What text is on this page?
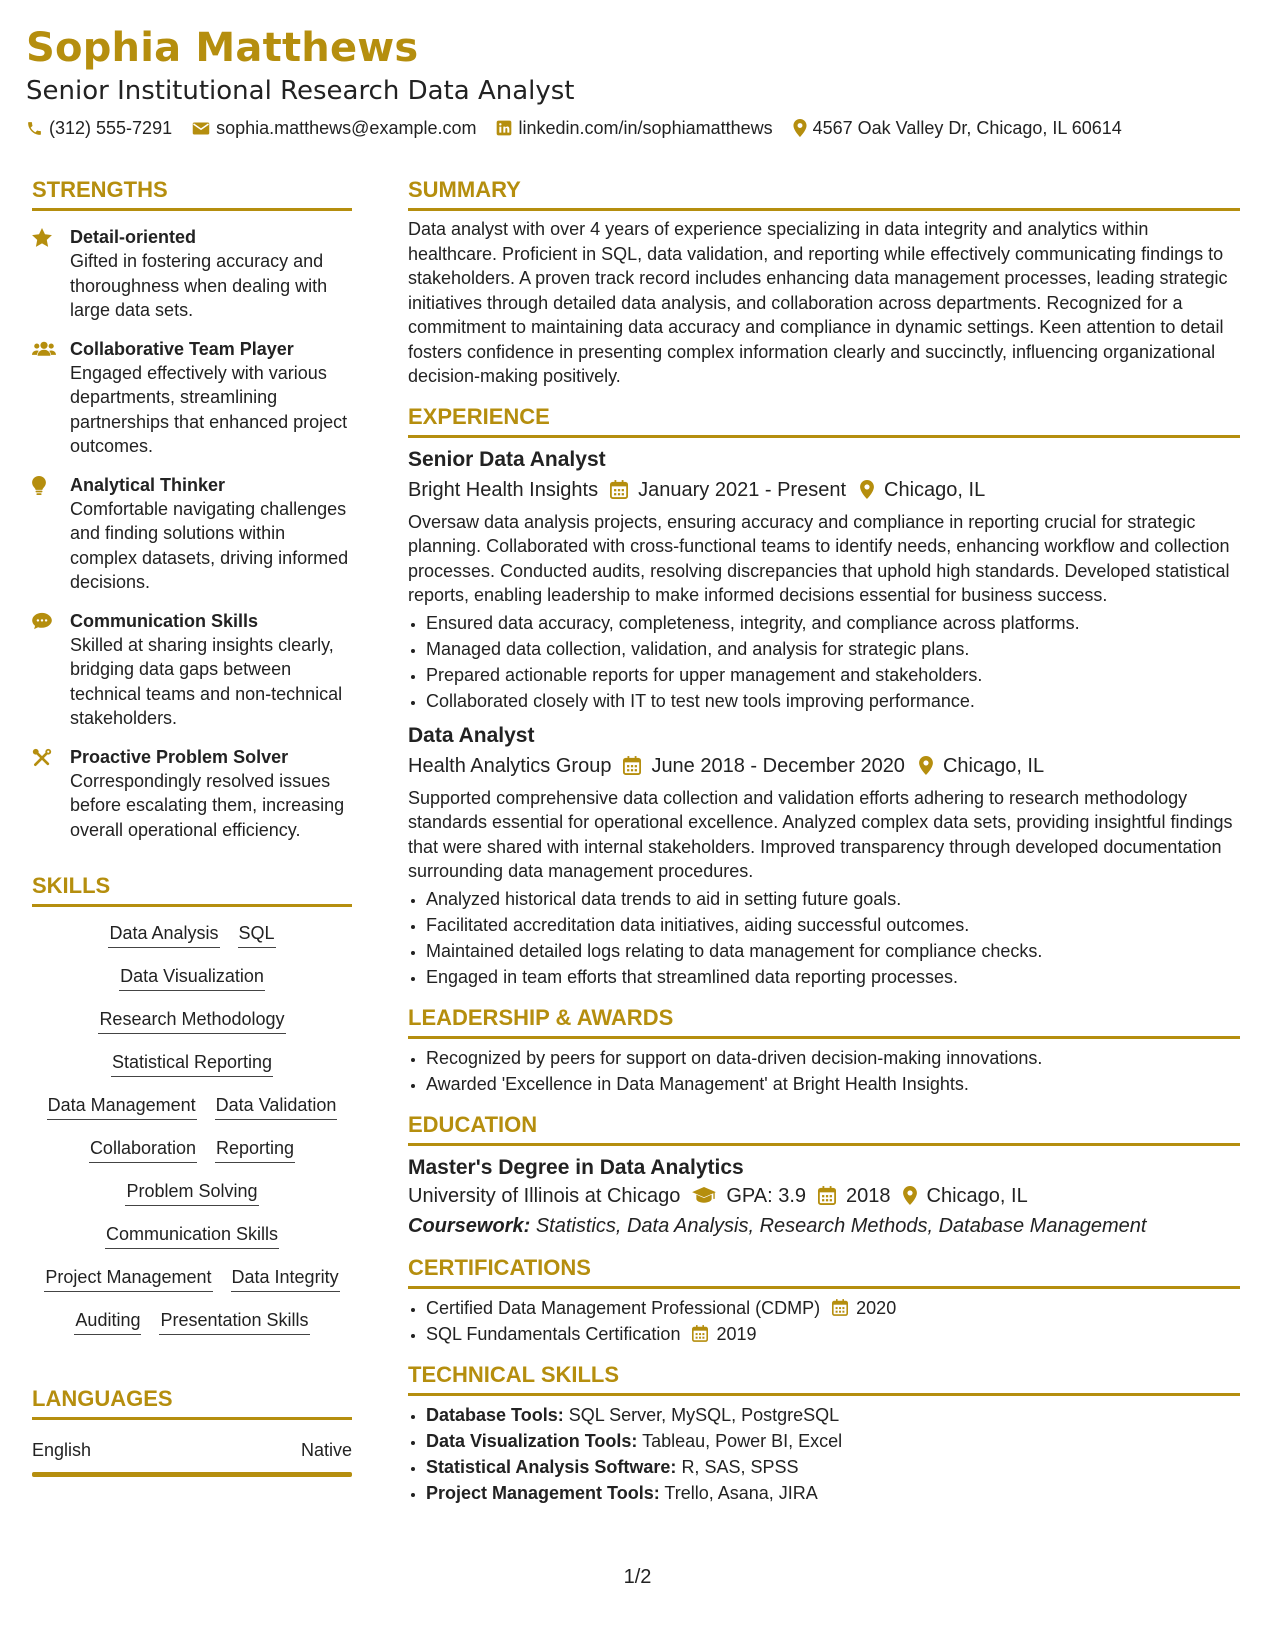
Sophia Matthews
Senior Institutional Research Data Analyst
(312) 555-7291 sophia.matthews@example.com linkedin.com/in/sophiamatthews 4567 Oak Valley Dr, Chicago, IL 60614
STRENGTHS
Detail-oriented
Gifted in fostering accuracy and thoroughness when dealing with large data sets.
Collaborative Team Player
Engaged effectively with various departments, streamlining partnerships that enhanced project outcomes.
Analytical Thinker
Comfortable navigating challenges and finding solutions within complex datasets, driving informed decisions.
Communication Skills
Skilled at sharing insights clearly, bridging data gaps between technical teams and non-technical stakeholders.
Proactive Problem Solver
Correspondingly resolved issues before escalating them, increasing overall operational efficiency.
SKILLS
Data Analysis SQL
Data Visualization
Research Methodology
Statistical Reporting
Data Management Data Validation
Collaboration Reporting
Problem Solving
Communication Skills
Project Management Data Integrity
Auditing Presentation Skills
LANGUAGES
English	Native
SUMMARY
Data analyst with over 4 years of experience specializing in data integrity and analytics within healthcare. Proficient in SQL, data validation, and reporting while effectively communicating findings to stakeholders. A proven track record includes enhancing data management processes, leading strategic initiatives through detailed data analysis, and collaboration across departments. Recognized for a commitment to maintaining data accuracy and compliance in dynamic settings. Keen attention to detail fosters confidence in presenting complex information clearly and succinctly, influencing organizational decision-making positively.
EXPERIENCE
Senior Data Analyst
Bright Health Insights January 2021 - Present Chicago, IL
Oversaw data analysis projects, ensuring accuracy and compliance in reporting crucial for strategic planning. Collaborated with cross-functional teams to identify needs, enhancing workflow and collection processes. Conducted audits, resolving discrepancies that uphold high standards. Developed statistical reports, enabling leadership to make informed decisions essential for business success.
• Ensured data accuracy, completeness, integrity, and compliance across platforms.
• Managed data collection, validation, and analysis for strategic plans.
• Prepared actionable reports for upper management and stakeholders.
• Collaborated closely with IT to test new tools improving performance.
Data Analyst
Health Analytics Group June 2018 - December 2020 Chicago, IL
Supported comprehensive data collection and validation efforts adhering to research methodology standards essential for operational excellence. Analyzed complex data sets, providing insightful findings that were shared with internal stakeholders. Improved transparency through developed documentation surrounding data management procedures.
• Analyzed historical data trends to aid in setting future goals.
• Facilitated accreditation data initiatives, aiding successful outcomes.
• Maintained detailed logs relating to data management for compliance checks.
• Engaged in team efforts that streamlined data reporting processes.
LEADERSHIP & AWARDS
• Recognized by peers for support on data-driven decision-making innovations.
• Awarded 'Excellence in Data Management' at Bright Health Insights.
EDUCATION
Master's Degree in Data Analytics
University of Illinois at Chicago GPA: 3.9 2018 Chicago, IL
Coursework: Statistics, Data Analysis, Research Methods, Database Management
CERTIFICATIONS
• Certified Data Management Professional (CDMP) 2020
• SQL Fundamentals Certification 2019
TECHNICAL SKILLS
• Database Tools: SQL Server, MySQL, PostgreSQL
• Data Visualization Tools: Tableau, Power BI, Excel
• Statistical Analysis Software: R, SAS, SPSS
• Project Management Tools: Trello, Asana, JIRA
1/2
